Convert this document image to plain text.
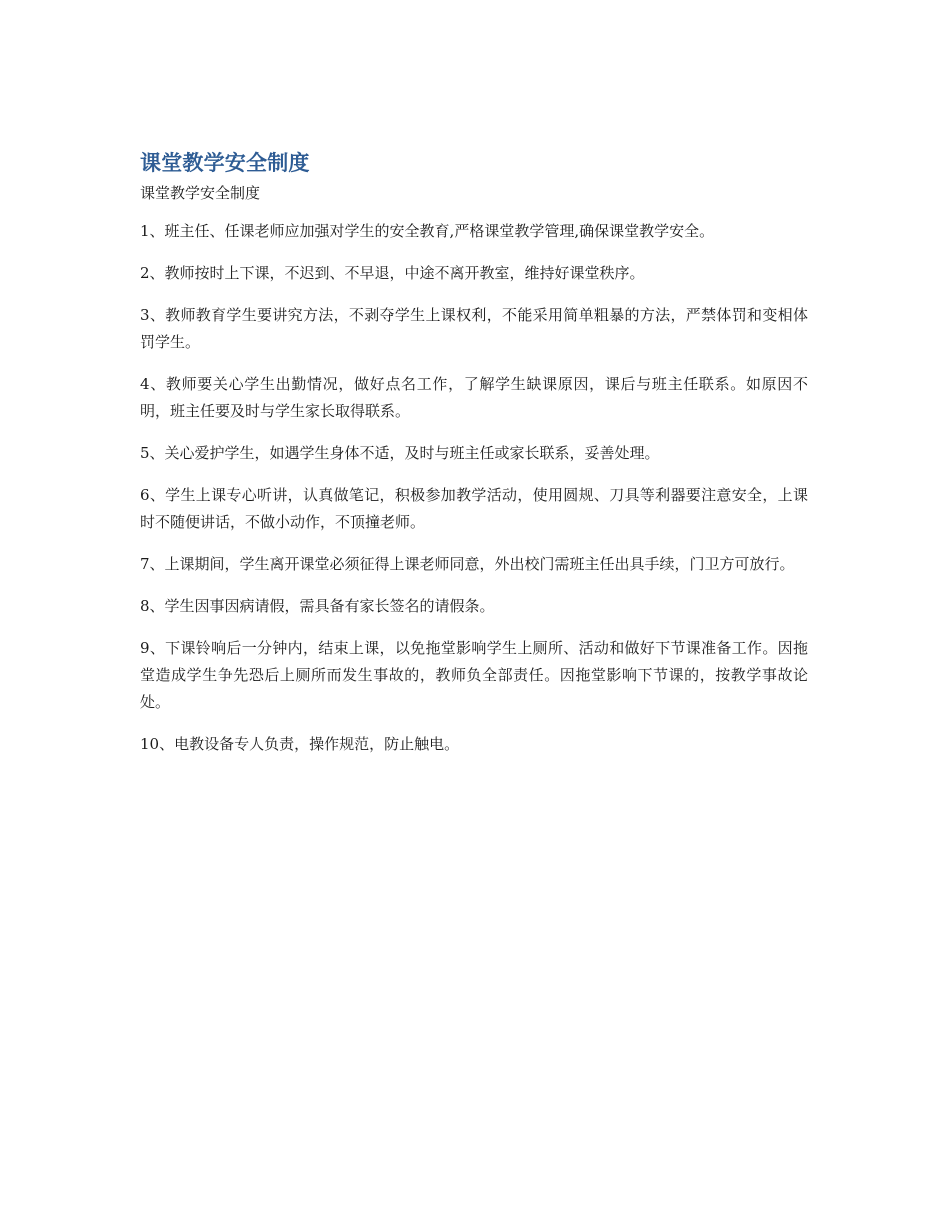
课堂教学安全制度
课堂教学安全制度

1、班主任、任课老师应加强对学生的安全教育,严格课堂教学管理,确保课堂教学安全。

2、教师按时上下课，不迟到、不早退，中途不离开教室，维持好课堂秩序。

3、教师教育学生要讲究方法，不剥夺学生上课权利，不能采用简单粗暴的方法，严禁体罚和变相体罚学生。

4、教师要关心学生出勤情况，做好点名工作，了解学生缺课原因，课后与班主任联系。如原因不明，班主任要及时与学生家长取得联系。

5、关心爱护学生，如遇学生身体不适，及时与班主任或家长联系，妥善处理。

6、学生上课专心听讲，认真做笔记，积极参加教学活动，使用圆规、刀具等利器要注意安全，上课时不随便讲话，不做小动作，不顶撞老师。

7、上课期间，学生离开课堂必须征得上课老师同意，外出校门需班主任出具手续，门卫方可放行。

8、学生因事因病请假，需具备有家长签名的请假条。

9、下课铃响后一分钟内，结束上课，以免拖堂影响学生上厕所、活动和做好下节课准备工作。因拖堂造成学生争先恐后上厕所而发生事故的，教师负全部责任。因拖堂影响下节课的，按教学事故论处。

10、电教设备专人负责，操作规范，防止触电。
